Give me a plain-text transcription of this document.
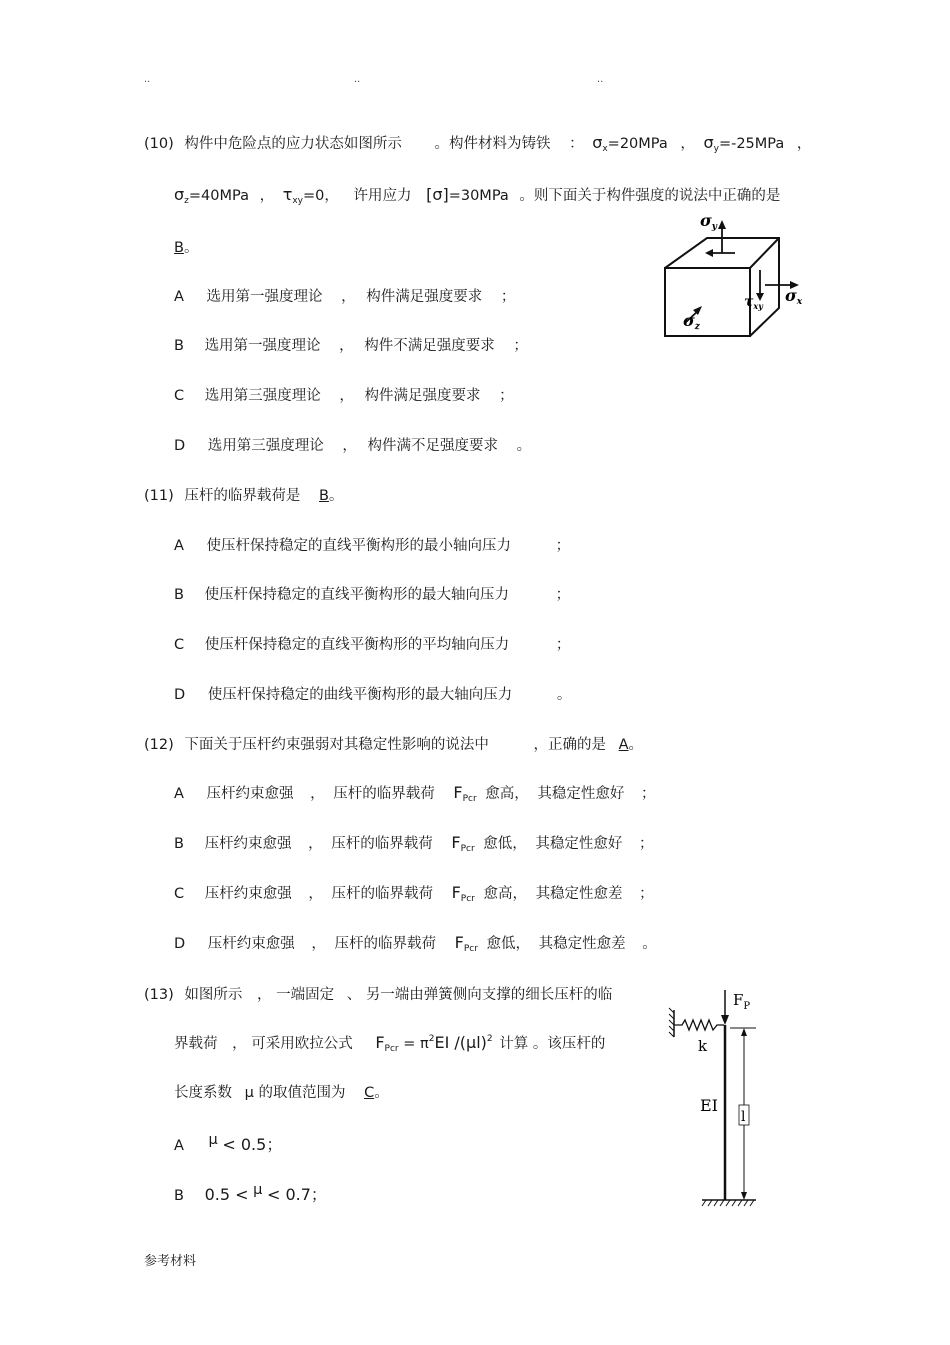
..	..	..
(10) 构件中危险点的应力状态如图所示 。构件材料为铸铁 ： $\sigma_x=20MPa$ ， $\sigma_y=-25MPa$ ，
$\sigma_z=40MPa$ ， $\tau_{xy}=0$， 许用应力 [σ]=30MPa 。则下面关于构件强度的说法中正确的是
B。
A 选用第一强度理论 ， 构件满足强度要求 ；
B 选用第一强度理论 ， 构件不满足强度要求 ；
C 选用第三强度理论 ， 构件满足强度要求 ；
D 选用第三强度理论 ， 构件满不足强度要求 。
σy
σx
σz
$\tau_{xy}$
(11) 压杆的临界载荷是 B。
A 使压杆保持稳定的直线平衡构形的最小轴向压力	；
B 使压杆保持稳定的直线平衡构形的最大轴向压力	；
C 使压杆保持稳定的直线平衡构形的平均轴向压力	；
D 使压杆保持稳定的曲线平衡构形的最大轴向压力	。
(12) 下面关于压杆约束强弱对其稳定性影响的说法中	，正确的是 A。
A 压杆约束愈强 ， 压杆的临界载荷 $F_{Pcr}$ 愈高， 其稳定性愈好 ；
B 压杆约束愈强 ， 压杆的临界载荷 $F_{Pcr}$ 愈低， 其稳定性愈好 ；
C 压杆约束愈强 ， 压杆的临界载荷 $F_{Pcr}$ 愈高， 其稳定性愈差 ；
D 压杆约束愈强 ， 压杆的临界载荷 $F_{Pcr}$ 愈低， 其稳定性愈差 。
(13) 如图所示 ， 一端固定 、 另一端由弹簧侧向支撑的细长压杆的临
界载荷 ， 可采用欧拉公式 $F_{Pcr} = \pi^2EI$ $/(\mu l)^2$ 计算 。该压杆的
长度系数 μ 的取值范围为 C。
A μ < 0.5；
B 0.5 < μ < 0.7；
$F_P$
k
EI
l
参考材料
